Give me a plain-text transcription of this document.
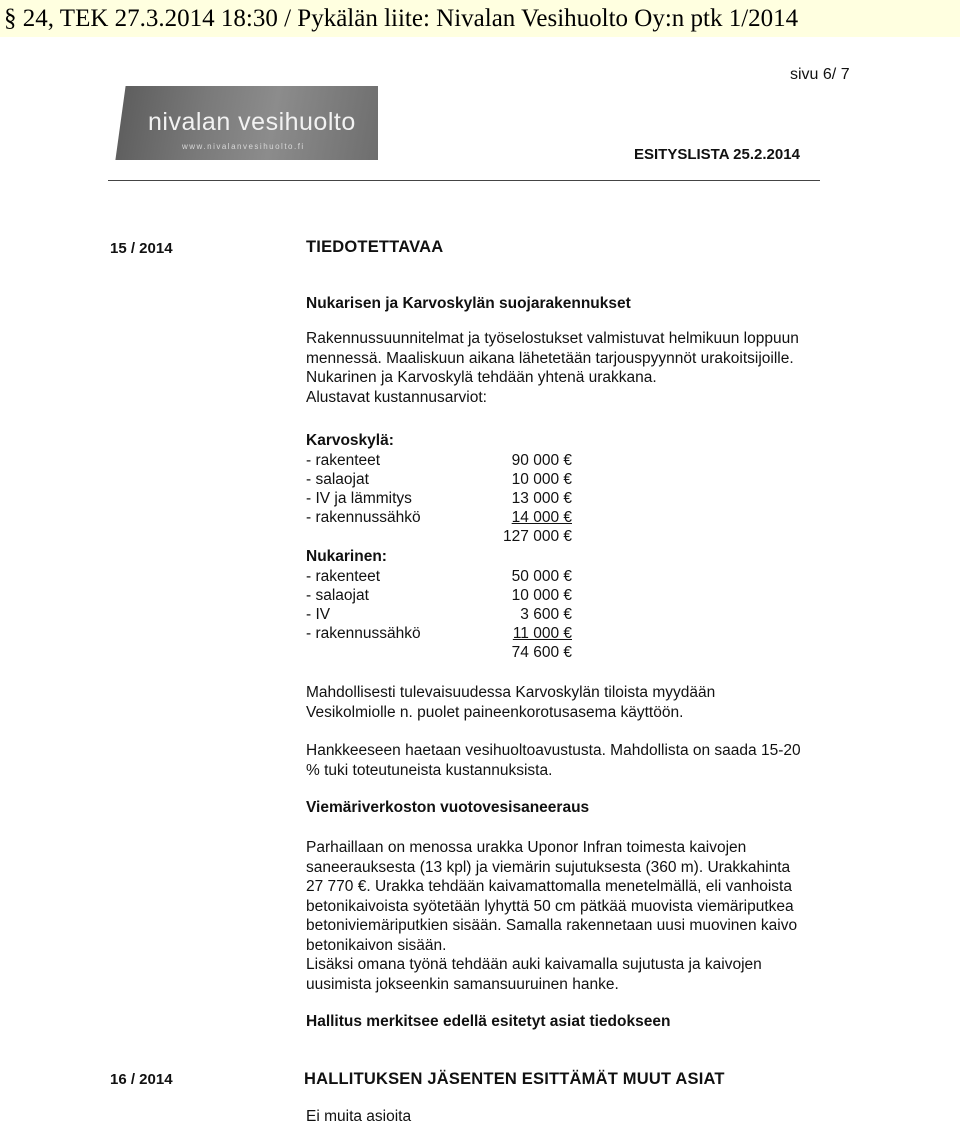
§ 24, TEK 27.3.2014 18:30 / Pykälän liite: Nivalan Vesihuolto Oy:n ptk 1/2014
sivu 6/ 7
nivalan vesihuolto
www.nivalanvesihuolto.fi	ESITYSLISTA 25.2.2014
15 / 2014	TIEDOTETTAVAA
Nukarisen ja Karvoskylän suojarakennukset
Rakennussuunnitelmat ja työselostukset valmistuvat helmikuun loppuun
mennessä. Maaliskuun aikana lähetetään tarjouspyynnöt urakoitsijoille.
Nukarinen ja Karvoskylä tehdään yhtenä urakkana.
Alustavat kustannusarviot:
Karvoskylä:
- rakenteet	90 000 €
- salaojat	10 000 €
- IV ja lämmitys	13 000 €
- rakennussähkö	14 000 €
127 000 €
Nukarinen:
- rakenteet	50 000 €
- salaojat	10 000 €
- IV	3 600 €
- rakennussähkö	11 000 €
74 600 €
Mahdollisesti tulevaisuudessa Karvoskylän tiloista myydään
Vesikolmiolle n. puolet paineenkorotusasema käyttöön.
Hankkeeseen haetaan vesihuoltoavustusta. Mahdollista on saada 15-20
% tuki toteutuneista kustannuksista.
Viemäriverkoston vuotovesisaneeraus
Parhaillaan on menossa urakka Uponor Infran toimesta kaivojen
saneerauksesta (13 kpl) ja viemärin sujutuksesta (360 m). Urakkahinta
27 770 €. Urakka tehdään kaivamattomalla menetelmällä, eli vanhoista
betonikaivoista syötetään lyhyttä 50 cm pätkää muovista viemäriputkea
betoniviemäriputkien sisään. Samalla rakennetaan uusi muovinen kaivo
betonikaivon sisään.
Lisäksi omana työnä tehdään auki kaivamalla sujutusta ja kaivojen
uusimista jokseenkin samansuuruinen hanke.
Hallitus merkitsee edellä esitetyt asiat tiedokseen
16 / 2014	HALLITUKSEN JÄSENTEN ESITTÄMÄT MUUT ASIAT
Ei muita asioita
